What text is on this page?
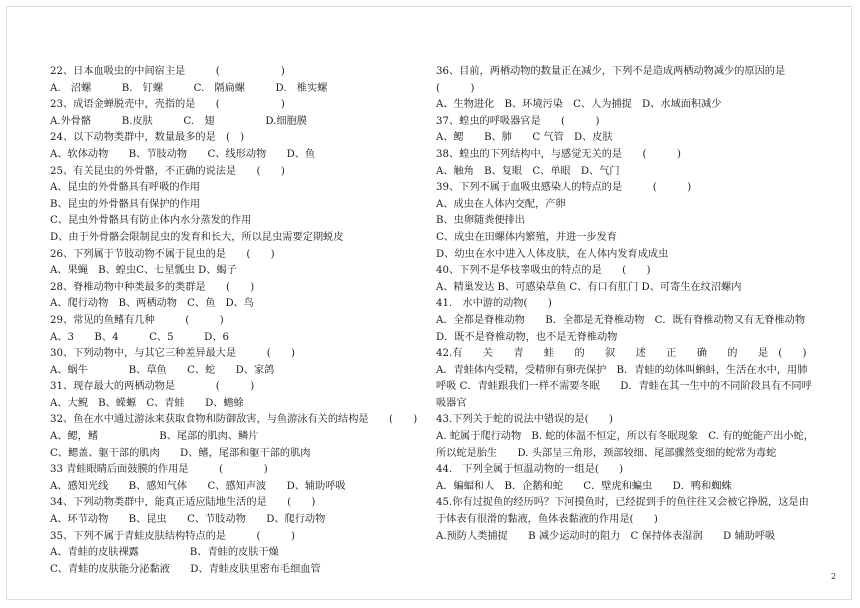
22、日本血吸虫的中间宿主是　　　(　　　　　　)
A.　沼螺　　　B.　钉螺　　　C.　隔扁螺　　　D.　椎实螺
23、成语金蝉脱壳中，壳指的是　　(　　　　　　)
A.外骨骼　　　B.皮肤　　　C.　翅　　　　　D.细胞膜
24、以下动物类群中，数量最多的是　(　)
A、软体动物　　B、节肢动物　　C、线形动物　　D、鱼
25、有关昆虫的外骨骼，不正确的说法是　　(　　)
A、昆虫的外骨骼具有呼吸的作用
B、昆虫的外骨骼具有保护的作用
C、昆虫外骨骼具有防止体内水分蒸发的作用
D、由于外骨骼会限制昆虫的发育和长大，所以昆虫需要定期蜕皮
26、下列属于节肢动物不属于昆虫的是　　(　　)
A、果蝇　B、蝗虫C、七星瓢虫 D、蝎子
28、脊椎动物中种类最多的类群是　　(　　)
A、爬行动物　B、两栖动物　C、鱼　D、鸟
29、常见的鱼鳍有几种　　　(　　　)
A、3　　B、4　　　C、5　　　D、6
30、下列动物中，与其它三种差异最大是　　　(　　)
A、蜗牛　　　　B、草鱼　　C、蛇　　D、家鸽
31、现存最大的两栖动物是　　　　(　　　)
A、大鲵　B、蝾螈　C、青蛙　　D、蟾蜍
32、鱼在水中通过游泳来获取食物和防御敌害，与鱼游泳有关的结构是　　(　　)
A、鳃，鳍　　　　　　B、尾部的肌肉、鳞片
C、鳃盖、躯干部的肌肉　　D、鳍，尾部和躯干部的肌肉
33 青蛙眼睛后面鼓膜的作用是　　　(　　　　)
A、感知光线　　B、感知气体　　C、感知声波　　D、辅助呼吸
34、下列动物类群中，能真正适应陆地生活的是　　(　　)
A、环节动物　　B、昆虫　　C、节肢动物　　D、爬行动物
35、下列不属于青蛙皮肤结构特点的是　　　(　　　)
A、青蛙的皮肤裸露　　　　　B、青蛙的皮肤干燥
C、青蛙的皮肤能分泌黏液　　D、青蛙皮肤里密布毛细血管
36、目前，两栖动物的数量正在减少，下列不是造成两栖动物减少的原因的是
(　　　)
A、生物进化　B、环境污染　C、人为捕捉　D、水域面积减少
37、蝗虫的呼吸器官是　　(　　　)
A、鳃　　B、肺　　C 气管　D、皮肤
38、蝗虫的下列结构中，与感觉无关的是　　(　　　)
A、触角　B、复眼　C、单眼　D、气门
39、下列不属于血吸虫感染人的特点的是　　　(　　　)
A、成虫在人体内交配，产卵
B、虫卵随粪便排出
C、成虫在田螺体内繁殖，并进一步发育
D、幼虫在水中进入人体皮肤，在人体内发育成成虫
40、下列不是华枝睾吸虫的特点的是　　(　　)
A、精巢发达 B、可感染草鱼 C、有口有肛门 D、可寄生在纹沼螺内
41.　水中游的动物(　　)
A．全都是脊椎动物　　B．全都是无脊椎动物　C．既有脊椎动物又有无脊椎动物
D．既不是脊椎动物，也不是无脊椎动物
42.有　　关　　青　　蛙　　的　　叙　　述　　正　　确　　的　　是　(　　)
A．青蛙体内受精，受精卵有卵壳保护　B．青蛙的幼体叫蝌蚪，生活在水中，用肺
呼吸 C．青蛙跟我们一样不需要冬眠　　D．青蛙在其一生中的不同阶段具有不同呼
吸器官
43.下列关于蛇的说法中错误的是(　　)
A. 蛇属于爬行动物　B. 蛇的体温不恒定，所以有冬眠现象　C. 有的蛇能产出小蛇，
所以蛇是胎生　　D. 头部呈三角形，颈部较细、尾部骤然变细的蛇常为毒蛇
44.　下列全属于恒温动物的一组是(　　)
A．蝙蝠和人　B．企鹅和蛇　　C．壁虎和蝙虫　　D．鸭和蜘蛛
45.你有过捉鱼的经历吗？下河摸鱼时，已经捉到手的鱼往往又会被它挣脱，这是由
于体表有很滑的黏液，鱼体表黏液的作用是(　　)
A.预防人类捕捉　　B 减少运动时的阻力　C 保持体表湿润　　D 辅助呼吸
2
